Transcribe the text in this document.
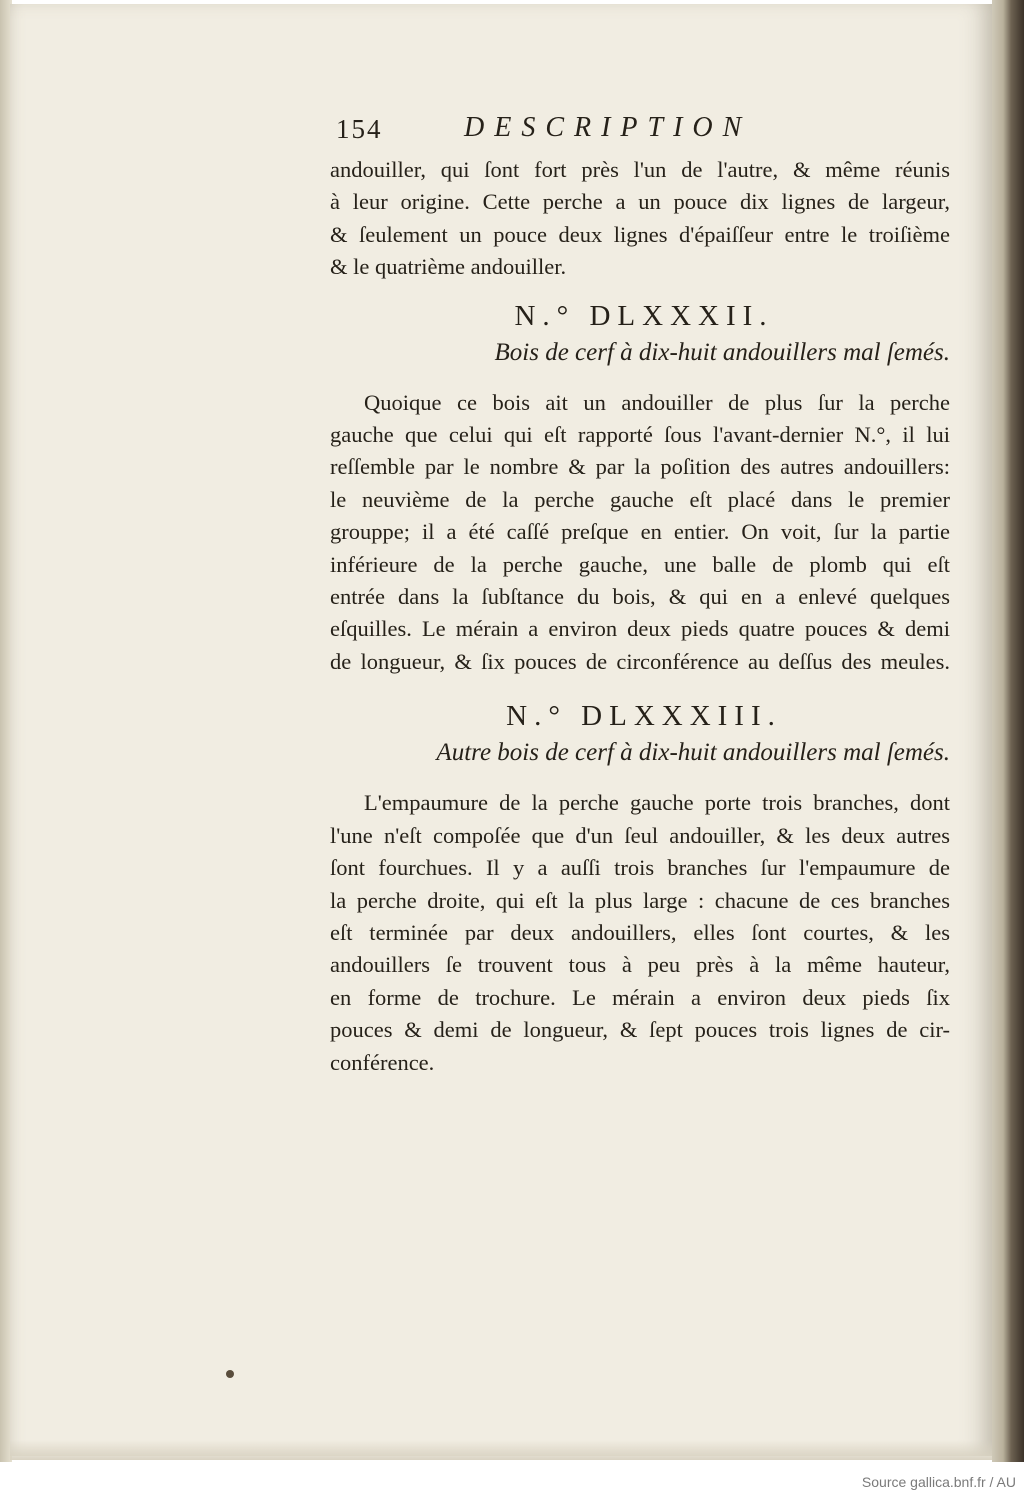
154	DESCRIPTION
andouiller, qui ſont fort près l'un de l'autre, & même réunis
à leur origine. Cette perche a un pouce dix lignes de largeur,
& ſeulement un pouce deux lignes d'épaiſſeur entre le troiſième
& le quatrième andouiller.
N.° DLXXXII.
Bois de cerf à dix-huit andouillers mal ſemés.
Quoique ce bois ait un andouiller de plus ſur la perche
gauche que celui qui eſt rapporté ſous l'avant-dernier N.°, il lui
reſſemble par le nombre & par la poſition des autres andouillers:
le neuvième de la perche gauche eſt placé dans le premier
grouppe; il a été caſſé preſque en entier. On voit, ſur la partie
inférieure de la perche gauche, une balle de plomb qui eſt
entrée dans la ſubſtance du bois, & qui en a enlevé quelques
eſquilles. Le mérain a environ deux pieds quatre pouces & demi
de longueur, & ſix pouces de circonférence au deſſus des meules.
N.° DLXXXIII.
Autre bois de cerf à dix-huit andouillers mal ſemés.
L'empaumure de la perche gauche porte trois branches, dont
l'une n'eſt compoſée que d'un ſeul andouiller, & les deux autres
ſont fourchues. Il y a auſſi trois branches ſur l'empaumure de
la perche droite, qui eſt la plus large : chacune de ces branches
eſt terminée par deux andouillers, elles ſont courtes, & les
andouillers ſe trouvent tous à peu près à la même hauteur,
en forme de trochure. Le mérain a environ deux pieds ſix
pouces & demi de longueur, & ſept pouces trois lignes de cir-
conférence.
Source gallica.bnf.fr / AU
